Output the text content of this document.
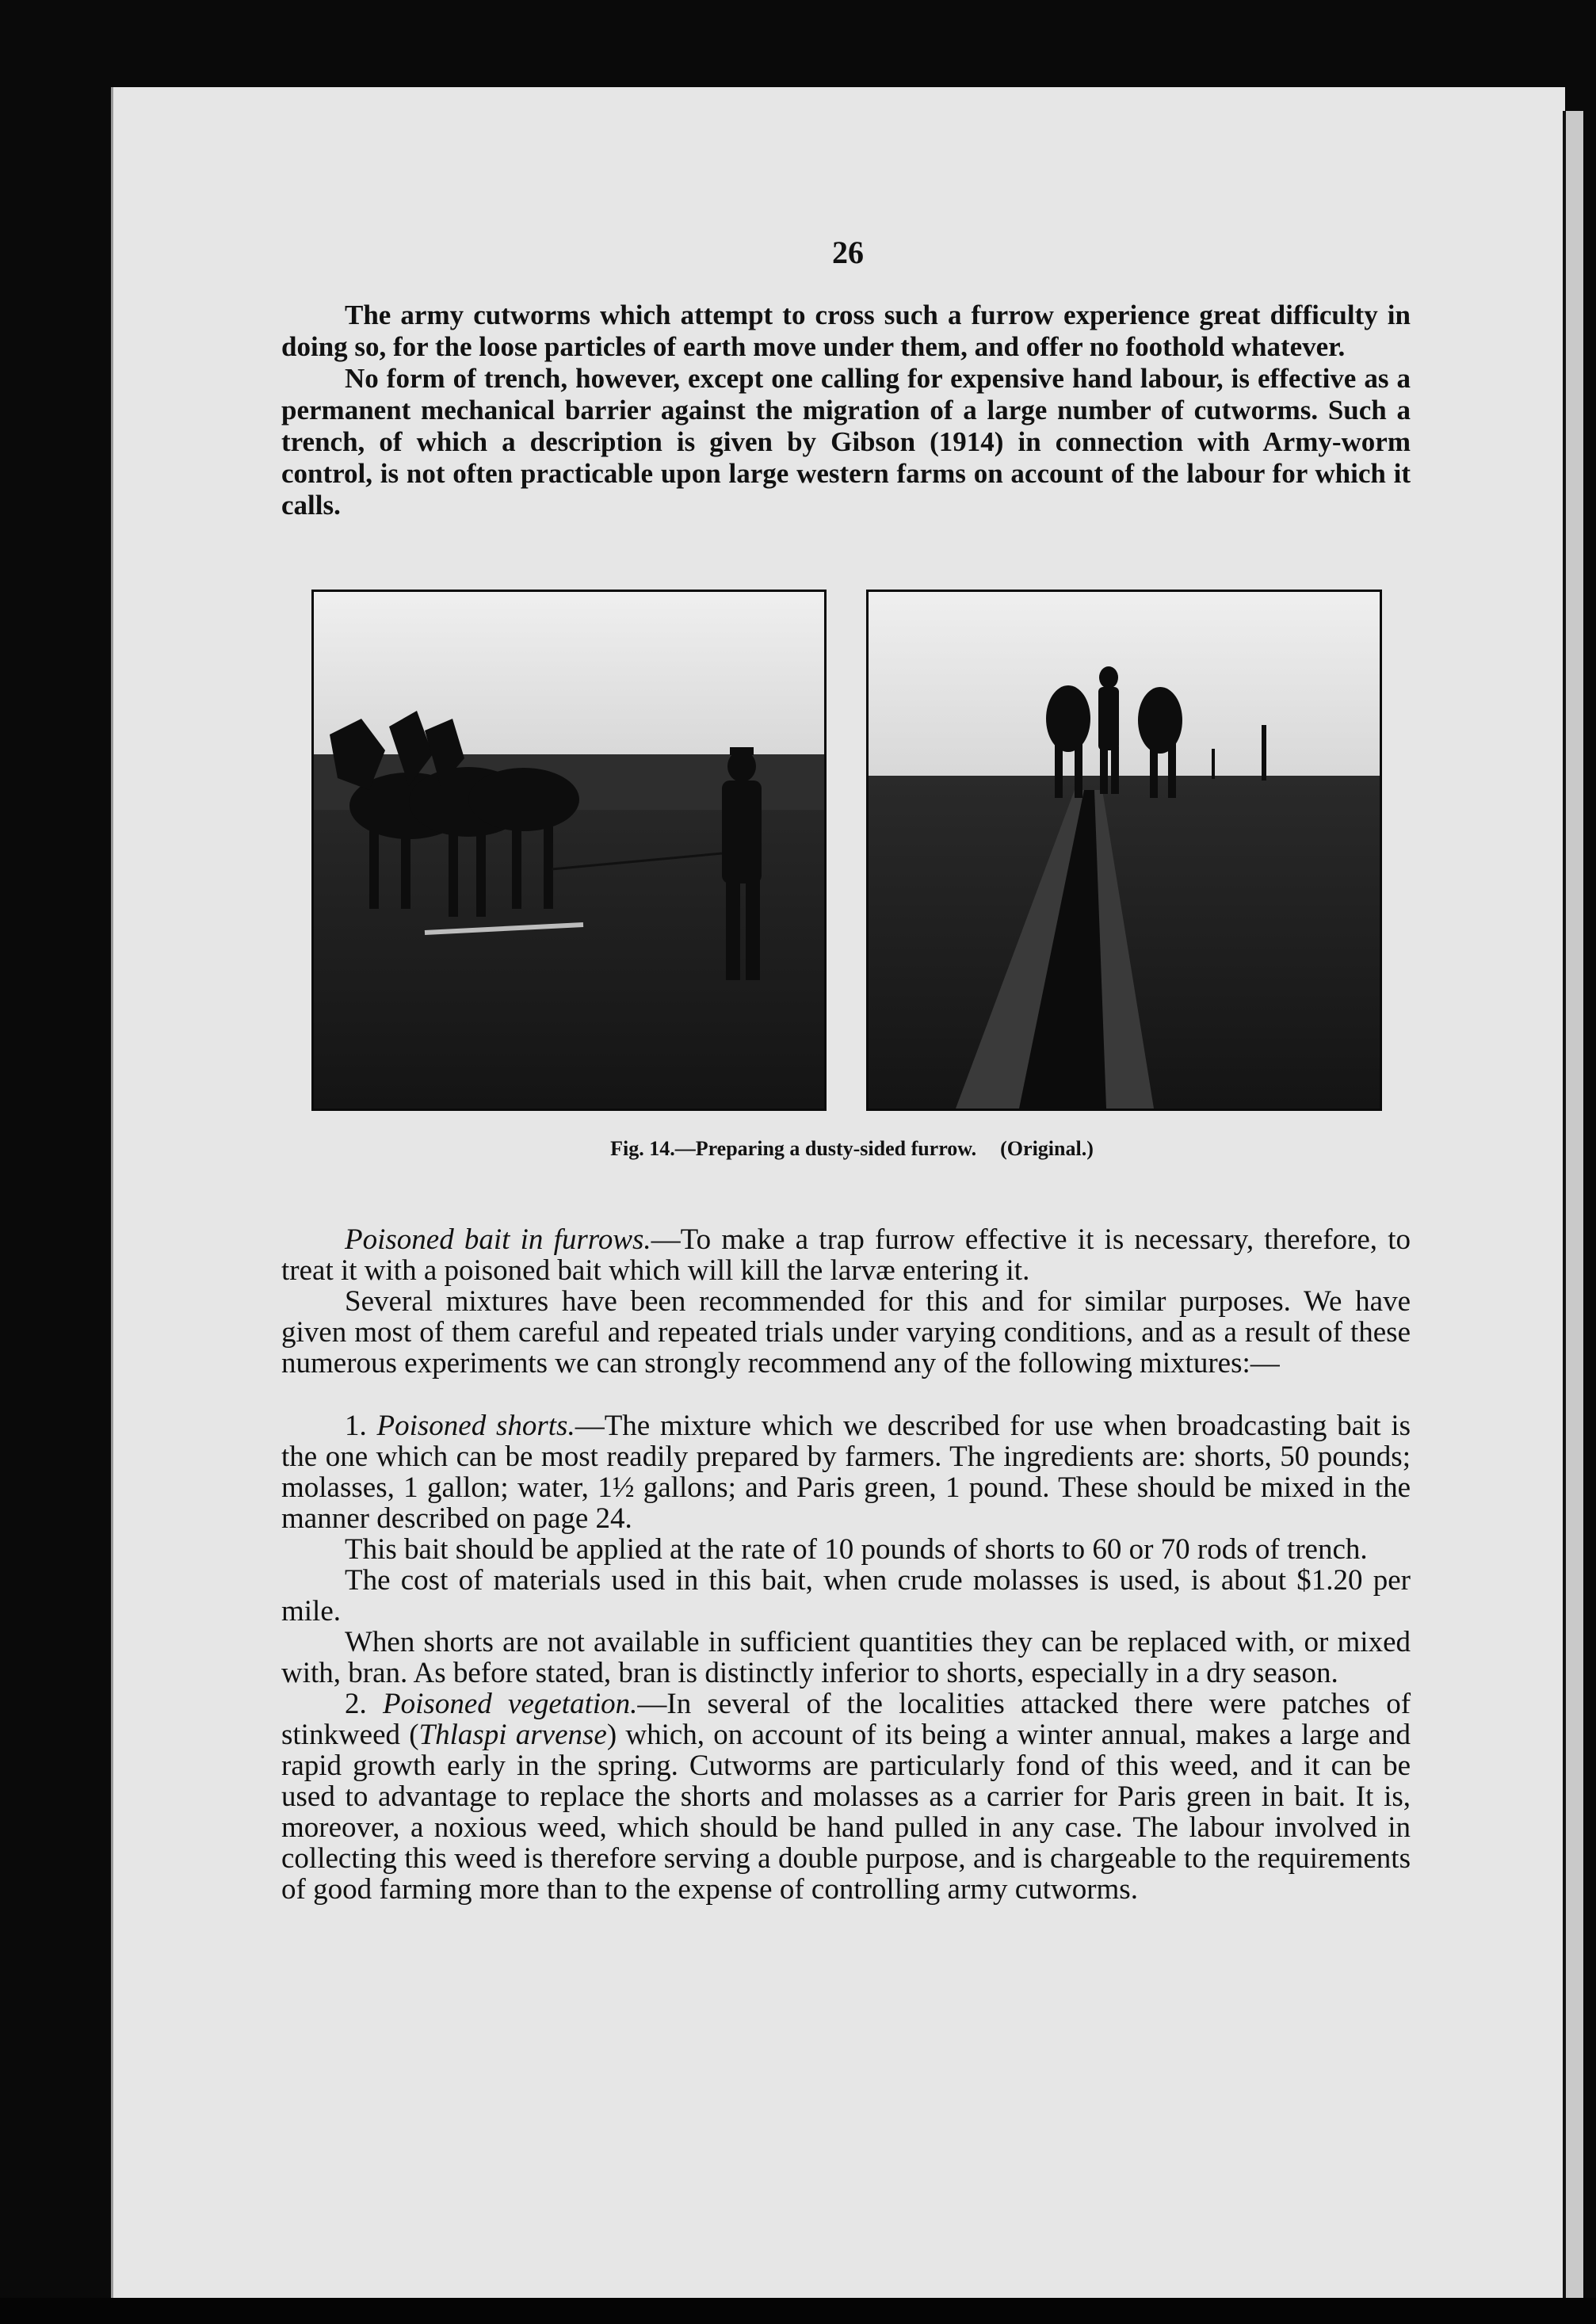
26

The army cutworms which attempt to cross such a furrow experience great difficulty in doing so, for the loose particles of earth move under them, and offer no foothold whatever.

No form of trench, however, except one calling for expensive hand labour, is effective as a permanent mechanical barrier against the migration of a large number of cutworms. Such a trench, of which a description is given by Gibson (1914) in connection with Army-worm control, is not often practicable upon large western farms on account of the labour for which it calls.

Fig. 14.—Preparing a dusty-sided furrow. (Original.)

Poisoned bait in furrows.—To make a trap furrow effective it is necessary, therefore, to treat it with a poisoned bait which will kill the larvæ entering it.

Several mixtures have been recommended for this and for similar purposes. We have given most of them careful and repeated trials under varying conditions, and as a result of these numerous experiments we can strongly recommend any of the following mixtures:—

1. Poisoned shorts.—The mixture which we described for use when broadcasting bait is the one which can be most readily prepared by farmers. The ingredients are: shorts, 50 pounds; molasses, 1 gallon; water, 1½ gallons; and Paris green, 1 pound. These should be mixed in the manner described on page 24.

This bait should be applied at the rate of 10 pounds of shorts to 60 or 70 rods of trench.

The cost of materials used in this bait, when crude molasses is used, is about $1.20 per mile.

When shorts are not available in sufficient quantities they can be replaced with, or mixed with, bran. As before stated, bran is distinctly inferior to shorts, especially in a dry season.

2. Poisoned vegetation.—In several of the localities attacked there were patches of stinkweed (Thlaspi arvense) which, on account of its being a winter annual, makes a large and rapid growth early in the spring. Cutworms are particularly fond of this weed, and it can be used to advantage to replace the shorts and molasses as a carrier for Paris green in bait. It is, moreover, a noxious weed, which should be hand pulled in any case. The labour involved in collecting this weed is therefore serving a double purpose, and is chargeable to the requirements of good farming more than to the expense of controlling army cutworms.
